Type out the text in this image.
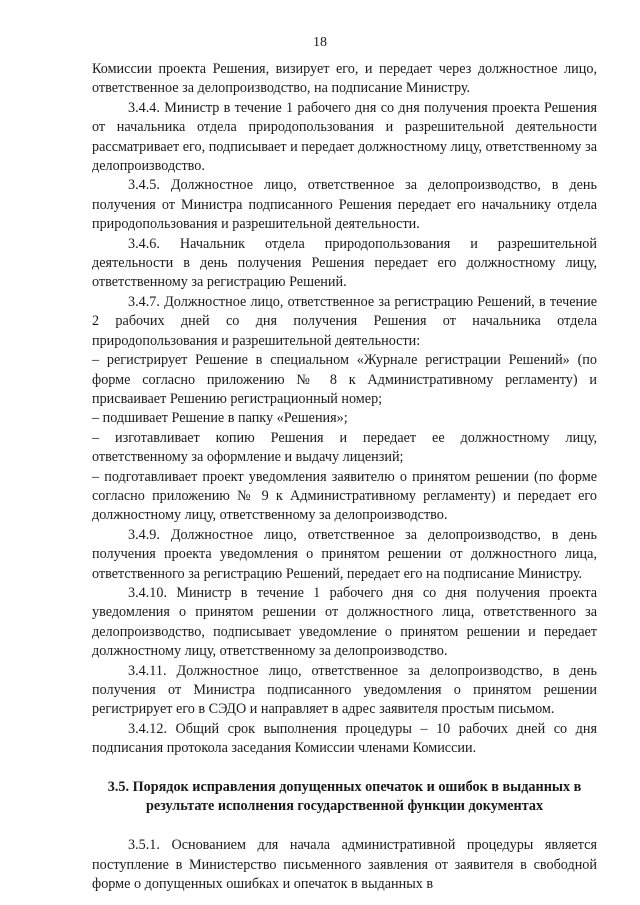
18

Комиссии проекта Решения, визирует его, и передает через должностное лицо, ответственное за делопроизводство, на подписание Министру.

3.4.4. Министр в течение 1 рабочего дня со дня получения проекта Решения от начальника отдела природопользования и разрешительной деятельности рассматривает его, подписывает и передает должностному лицу, ответственному за делопроизводство.

3.4.5. Должностное лицо, ответственное за делопроизводство, в день получения от Министра подписанного Решения передает его начальнику отдела природопользования и разрешительной деятельности.

3.4.6. Начальник отдела природопользования и разрешительной деятельности в день получения Решения передает его должностному лицу, ответственному за регистрацию Решений.

3.4.7. Должностное лицо, ответственное за регистрацию Решений, в течение 2 рабочих дней со дня получения Решения от начальника отдела природопользования и разрешительной деятельности:

– регистрирует Решение в специальном «Журнале регистрации Решений» (по форме согласно приложению № 8 к Административному регламенту) и присваивает Решению регистрационный номер;

– подшивает Решение в папку «Решения»;

– изготавливает копию Решения и передает ее должностному лицу, ответственному за оформление и выдачу лицензий;

– подготавливает проект уведомления заявителю о принятом решении (по форме согласно приложению № 9 к Административному регламенту) и передает его должностному лицу, ответственному за делопроизводство.

3.4.9. Должностное лицо, ответственное за делопроизводство, в день получения проекта уведомления о принятом решении от должностного лица, ответственного за регистрацию Решений, передает его на подписание Министру.

3.4.10. Министр в течение 1 рабочего дня со дня получения проекта уведомления о принятом решении от должностного лица, ответственного за делопроизводство, подписывает уведомление о принятом решении и передает должностному лицу, ответственному за делопроизводство.

3.4.11. Должностное лицо, ответственное за делопроизводство, в день получения от Министра подписанного уведомления о принятом решении регистрирует его в СЭДО и направляет в адрес заявителя простым письмом.

3.4.12. Общий срок выполнения процедуры – 10 рабочих дней со дня подписания протокола заседания Комиссии членами Комиссии.

3.5. Порядок исправления допущенных опечаток и ошибок в выданных в результате исполнения государственной функции документах

3.5.1. Основанием для начала административной процедуры является поступление в Министерство письменного заявления от заявителя в свободной форме о допущенных ошибках и опечаток в выданных в
